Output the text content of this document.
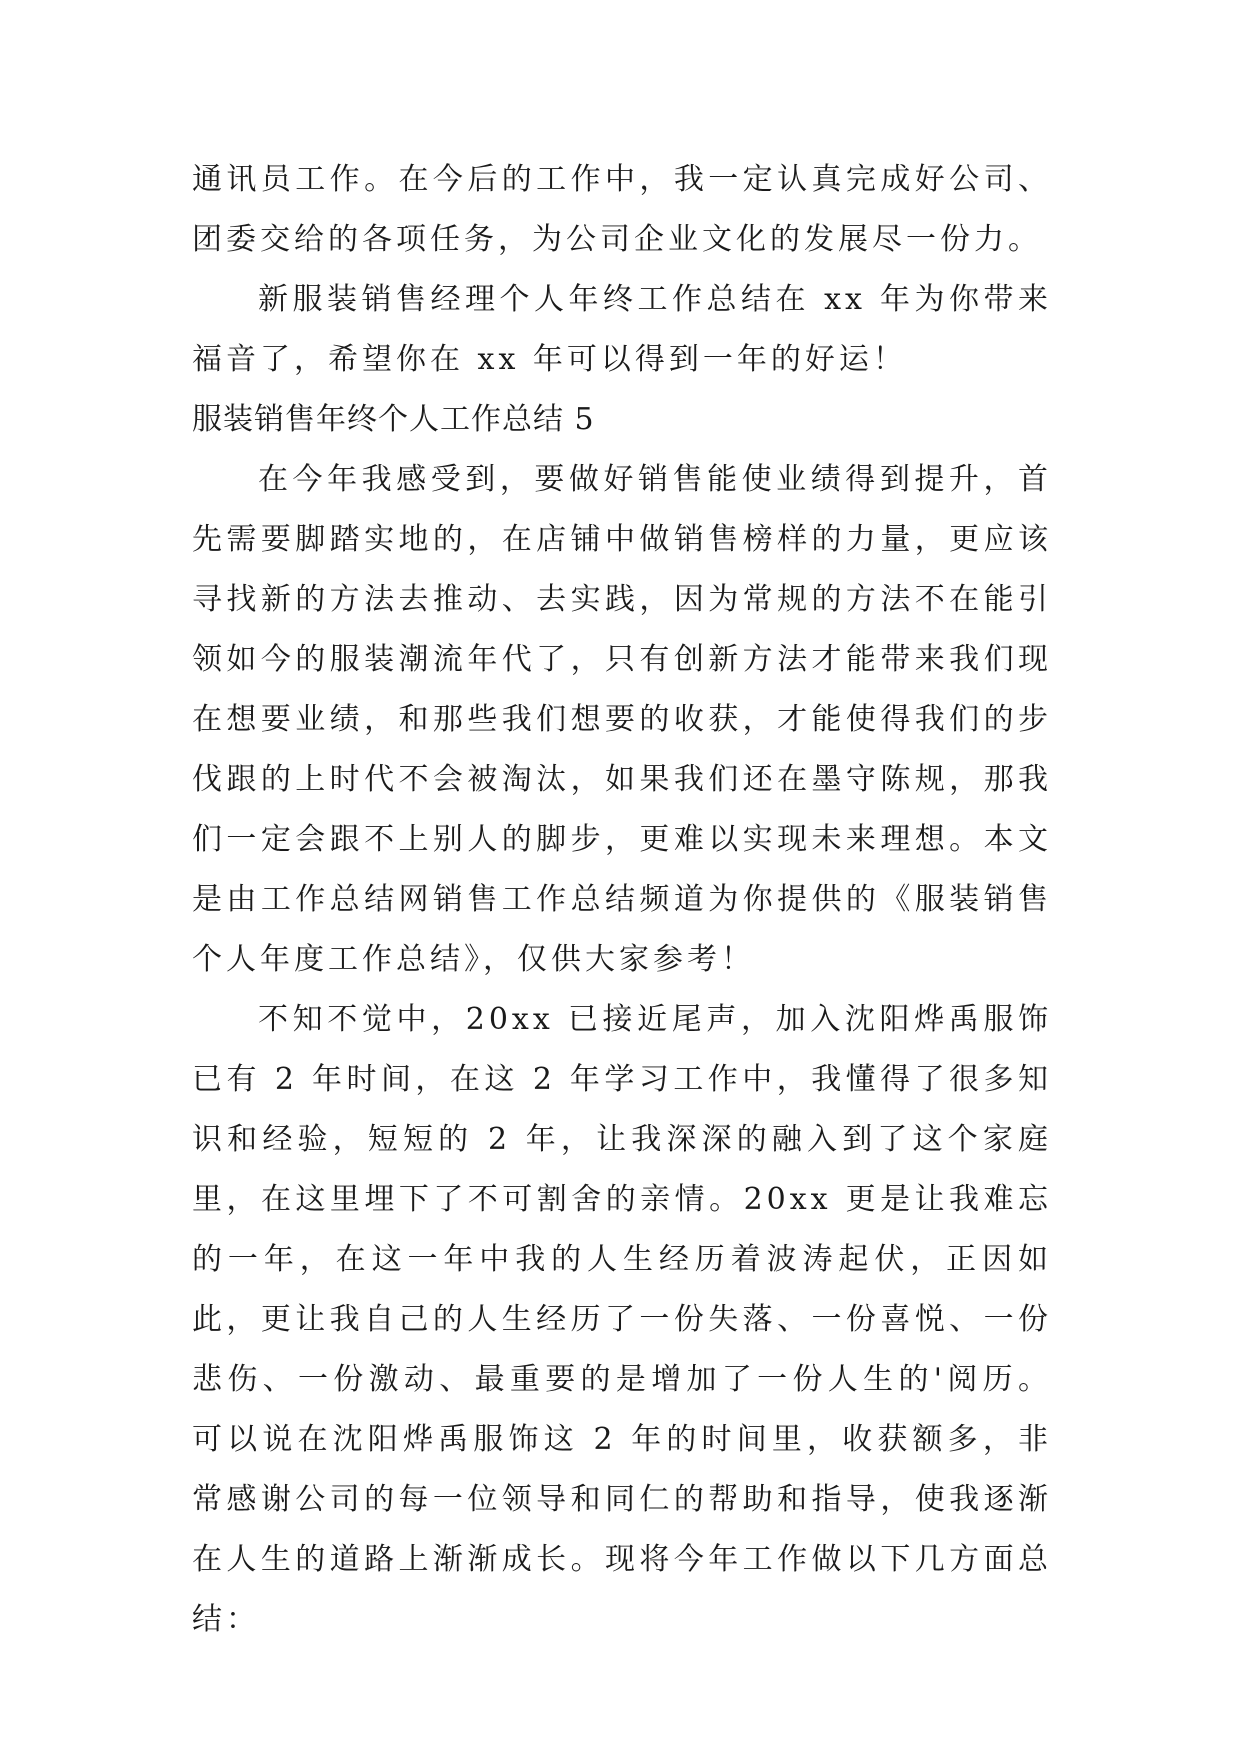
通讯员工作。在今后的工作中，我一定认真完成好公司、团委交给的各项任务，为公司企业文化的发展尽一份力。

新服装销售经理个人年终工作总结在 xx 年为你带来福音了，希望你在 xx 年可以得到一年的好运！

服装销售年终个人工作总结 5

在今年我感受到，要做好销售能使业绩得到提升，首先需要脚踏实地的，在店铺中做销售榜样的力量，更应该寻找新的方法去推动、去实践，因为常规的方法不在能引领如今的服装潮流年代了，只有创新方法才能带来我们现在想要业绩，和那些我们想要的收获，才能使得我们的步伐跟的上时代不会被淘汰，如果我们还在墨守陈规，那我们一定会跟不上别人的脚步，更难以实现未来理想。本文是由工作总结网销售工作总结频道为你提供的《服装销售个人年度工作总结》，仅供大家参考！

不知不觉中，20xx 已接近尾声，加入沈阳烨禹服饰已有 2 年时间，在这 2 年学习工作中，我懂得了很多知识和经验，短短的 2 年，让我深深的融入到了这个家庭里，在这里埋下了不可割舍的亲情。20xx 更是让我难忘的一年，在这一年中我的人生经历着波涛起伏，正因如此，更让我自己的人生经历了一份失落、一份喜悦、一份悲伤、一份激动、最重要的是增加了一份人生的'阅历。可以说在沈阳烨禹服饰这 2 年的时间里，收获额多，非常感谢公司的每一位领导和同仁的帮助和指导，使我逐渐在人生的道路上渐渐成长。现将今年工作做以下几方面总结：
